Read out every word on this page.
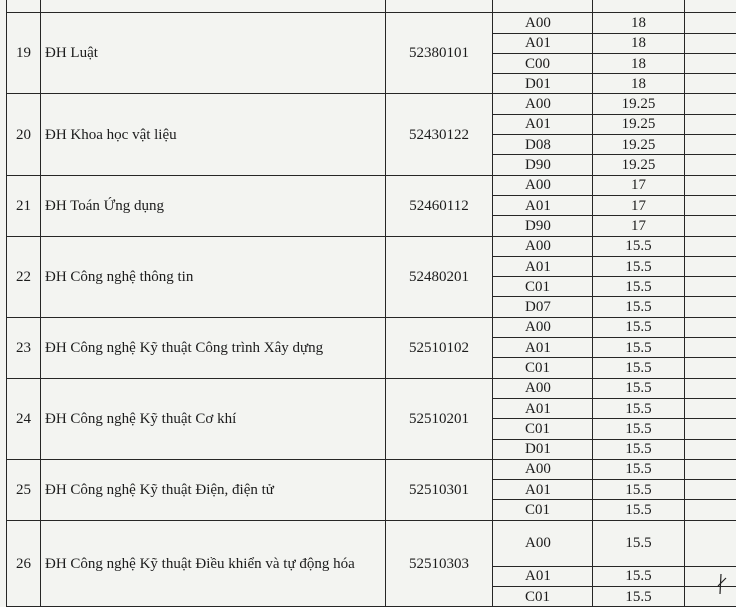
19	ĐH Luật	52380101	A00	18	
			A01	18	
			C00	18	
			D01	18	
20	ĐH Khoa học vật liệu	52430122	A00	19.25	
			A01	19.25	
			D08	19.25	
			D90	19.25	
21	ĐH Toán Ứng dụng	52460112	A00	17	
			A01	17	
			D90	17	
22	ĐH Công nghệ thông tin	52480201	A00	15.5	
			A01	15.5	
			C01	15.5	
			D07	15.5	
23	ĐH Công nghệ Kỹ thuật Công trình Xây dựng	52510102	A00	15.5	
			A01	15.5	
			C01	15.5	
24	ĐH Công nghệ Kỹ thuật Cơ khí	52510201	A00	15.5	
			A01	15.5	
			C01	15.5	
			D01	15.5	
25	ĐH Công nghệ Kỹ thuật Điện, điện tử	52510301	A00	15.5	
			A01	15.5	
			C01	15.5	
26	ĐH Công nghệ Kỹ thuật Điều khiển và tự động hóa	52510303	A00	15.5	
			A01	15.5	
			C01	15.5	
